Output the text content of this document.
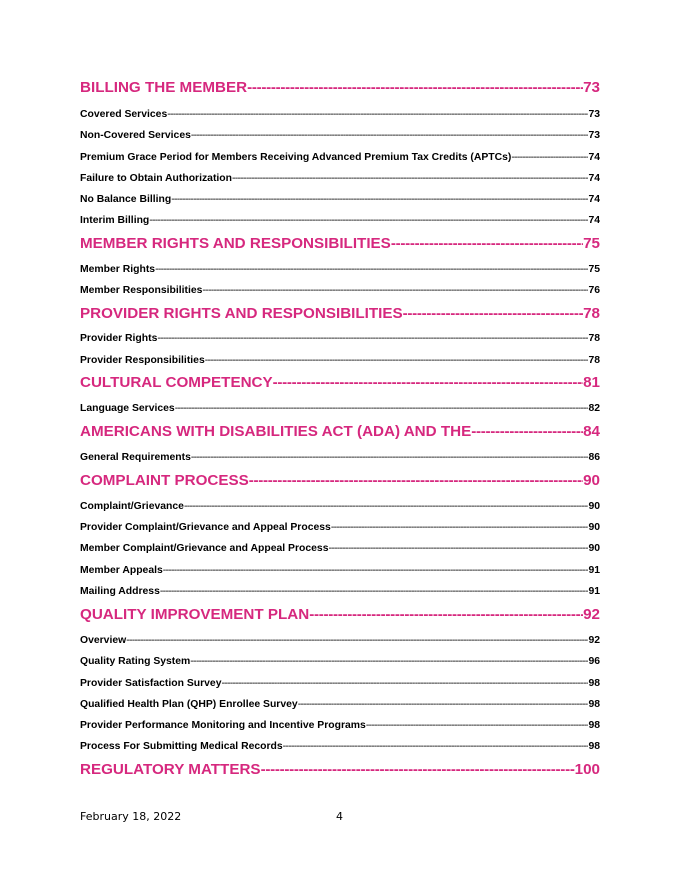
BILLING THE MEMBER -----	73
Covered Services -----	73
Non-Covered Services -----	73
Premium Grace Period for Members Receiving Advanced Premium Tax Credits (APTCs) -----	74
Failure to Obtain Authorization -----	74
No Balance Billing -----	74
Interim Billing -----	74
MEMBER RIGHTS AND RESPONSIBILITIES -----	75
Member Rights -----	75
Member Responsibilities -----	76
PROVIDER RIGHTS AND RESPONSIBILITIES -----	78
Provider Rights -----	78
Provider Responsibilities -----	78
CULTURAL COMPETENCY -----	81
Language Services -----	82
AMERICANS WITH DISABILITIES ACT (ADA) AND THE -----	84
General Requirements -----	86
COMPLAINT PROCESS -----	90
Complaint/Grievance -----	90
Provider Complaint/Grievance and Appeal Process -----	90
Member Complaint/Grievance and Appeal Process -----	90
Member Appeals -----	91
Mailing Address -----	91
QUALITY IMPROVEMENT PLAN -----	92
Overview -----	92
Quality Rating System -----	96
Provider Satisfaction Survey -----	98
Qualified Health Plan (QHP) Enrollee Survey -----	98
Provider Performance Monitoring and Incentive Programs -----	98
Process For Submitting Medical Records -----	98
REGULATORY MATTERS -----	100
February 18, 2022	4
